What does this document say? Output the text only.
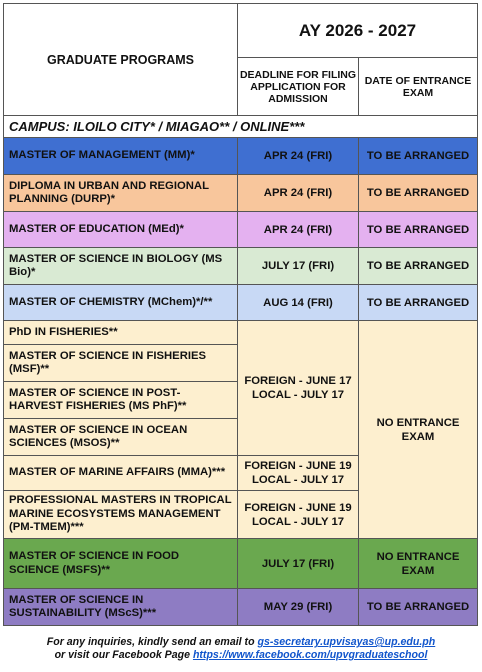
GRADUATE PROGRAMS	AY 2026 - 2027	
	DEADLINE FOR FILING APPLICATION FOR ADMISSION	DATE OF ENTRANCE EXAM
CAMPUS: ILOILO CITY* / MIAGAO** / ONLINE***		
MASTER OF MANAGEMENT (MM)*	APR 24 (FRI)	TO BE ARRANGED
DIPLOMA IN URBAN AND REGIONAL PLANNING (DURP)*	APR 24 (FRI)	TO BE ARRANGED
MASTER OF EDUCATION (MEd)*	APR 24 (FRI)	TO BE ARRANGED
MASTER OF SCIENCE IN BIOLOGY (MS Bio)*	JULY 17 (FRI)	TO BE ARRANGED
MASTER OF CHEMISTRY (MChem)*/**	AUG 14 (FRI)	TO BE ARRANGED
PhD IN FISHERIES**	FOREIGN - JUNE 17 LOCAL - JULY 17	NO ENTRANCE EXAM
MASTER OF SCIENCE IN FISHERIES (MSF)**		
MASTER OF SCIENCE IN POST-HARVEST FISHERIES (MS PhF)**		
MASTER OF SCIENCE IN OCEAN SCIENCES (MSOS)**		
MASTER OF MARINE AFFAIRS (MMA)***	FOREIGN - JUNE 19 LOCAL - JULY 17	
PROFESSIONAL MASTERS IN TROPICAL MARINE ECOSYSTEMS MANAGEMENT (PM-TMEM)***	FOREIGN - JUNE 19 LOCAL - JULY 17	
MASTER OF SCIENCE IN FOOD SCIENCE (MSFS)**	JULY 17 (FRI)	NO ENTRANCE EXAM
MASTER OF SCIENCE IN SUSTAINABILITY (MScS)***	MAY 29 (FRI)	TO BE ARRANGED
For any inquiries, kindly send an email to gs-secretary.upvisayas@up.edu.ph
or visit our Facebook Page https://www.facebook.com/upvgraduateschool
